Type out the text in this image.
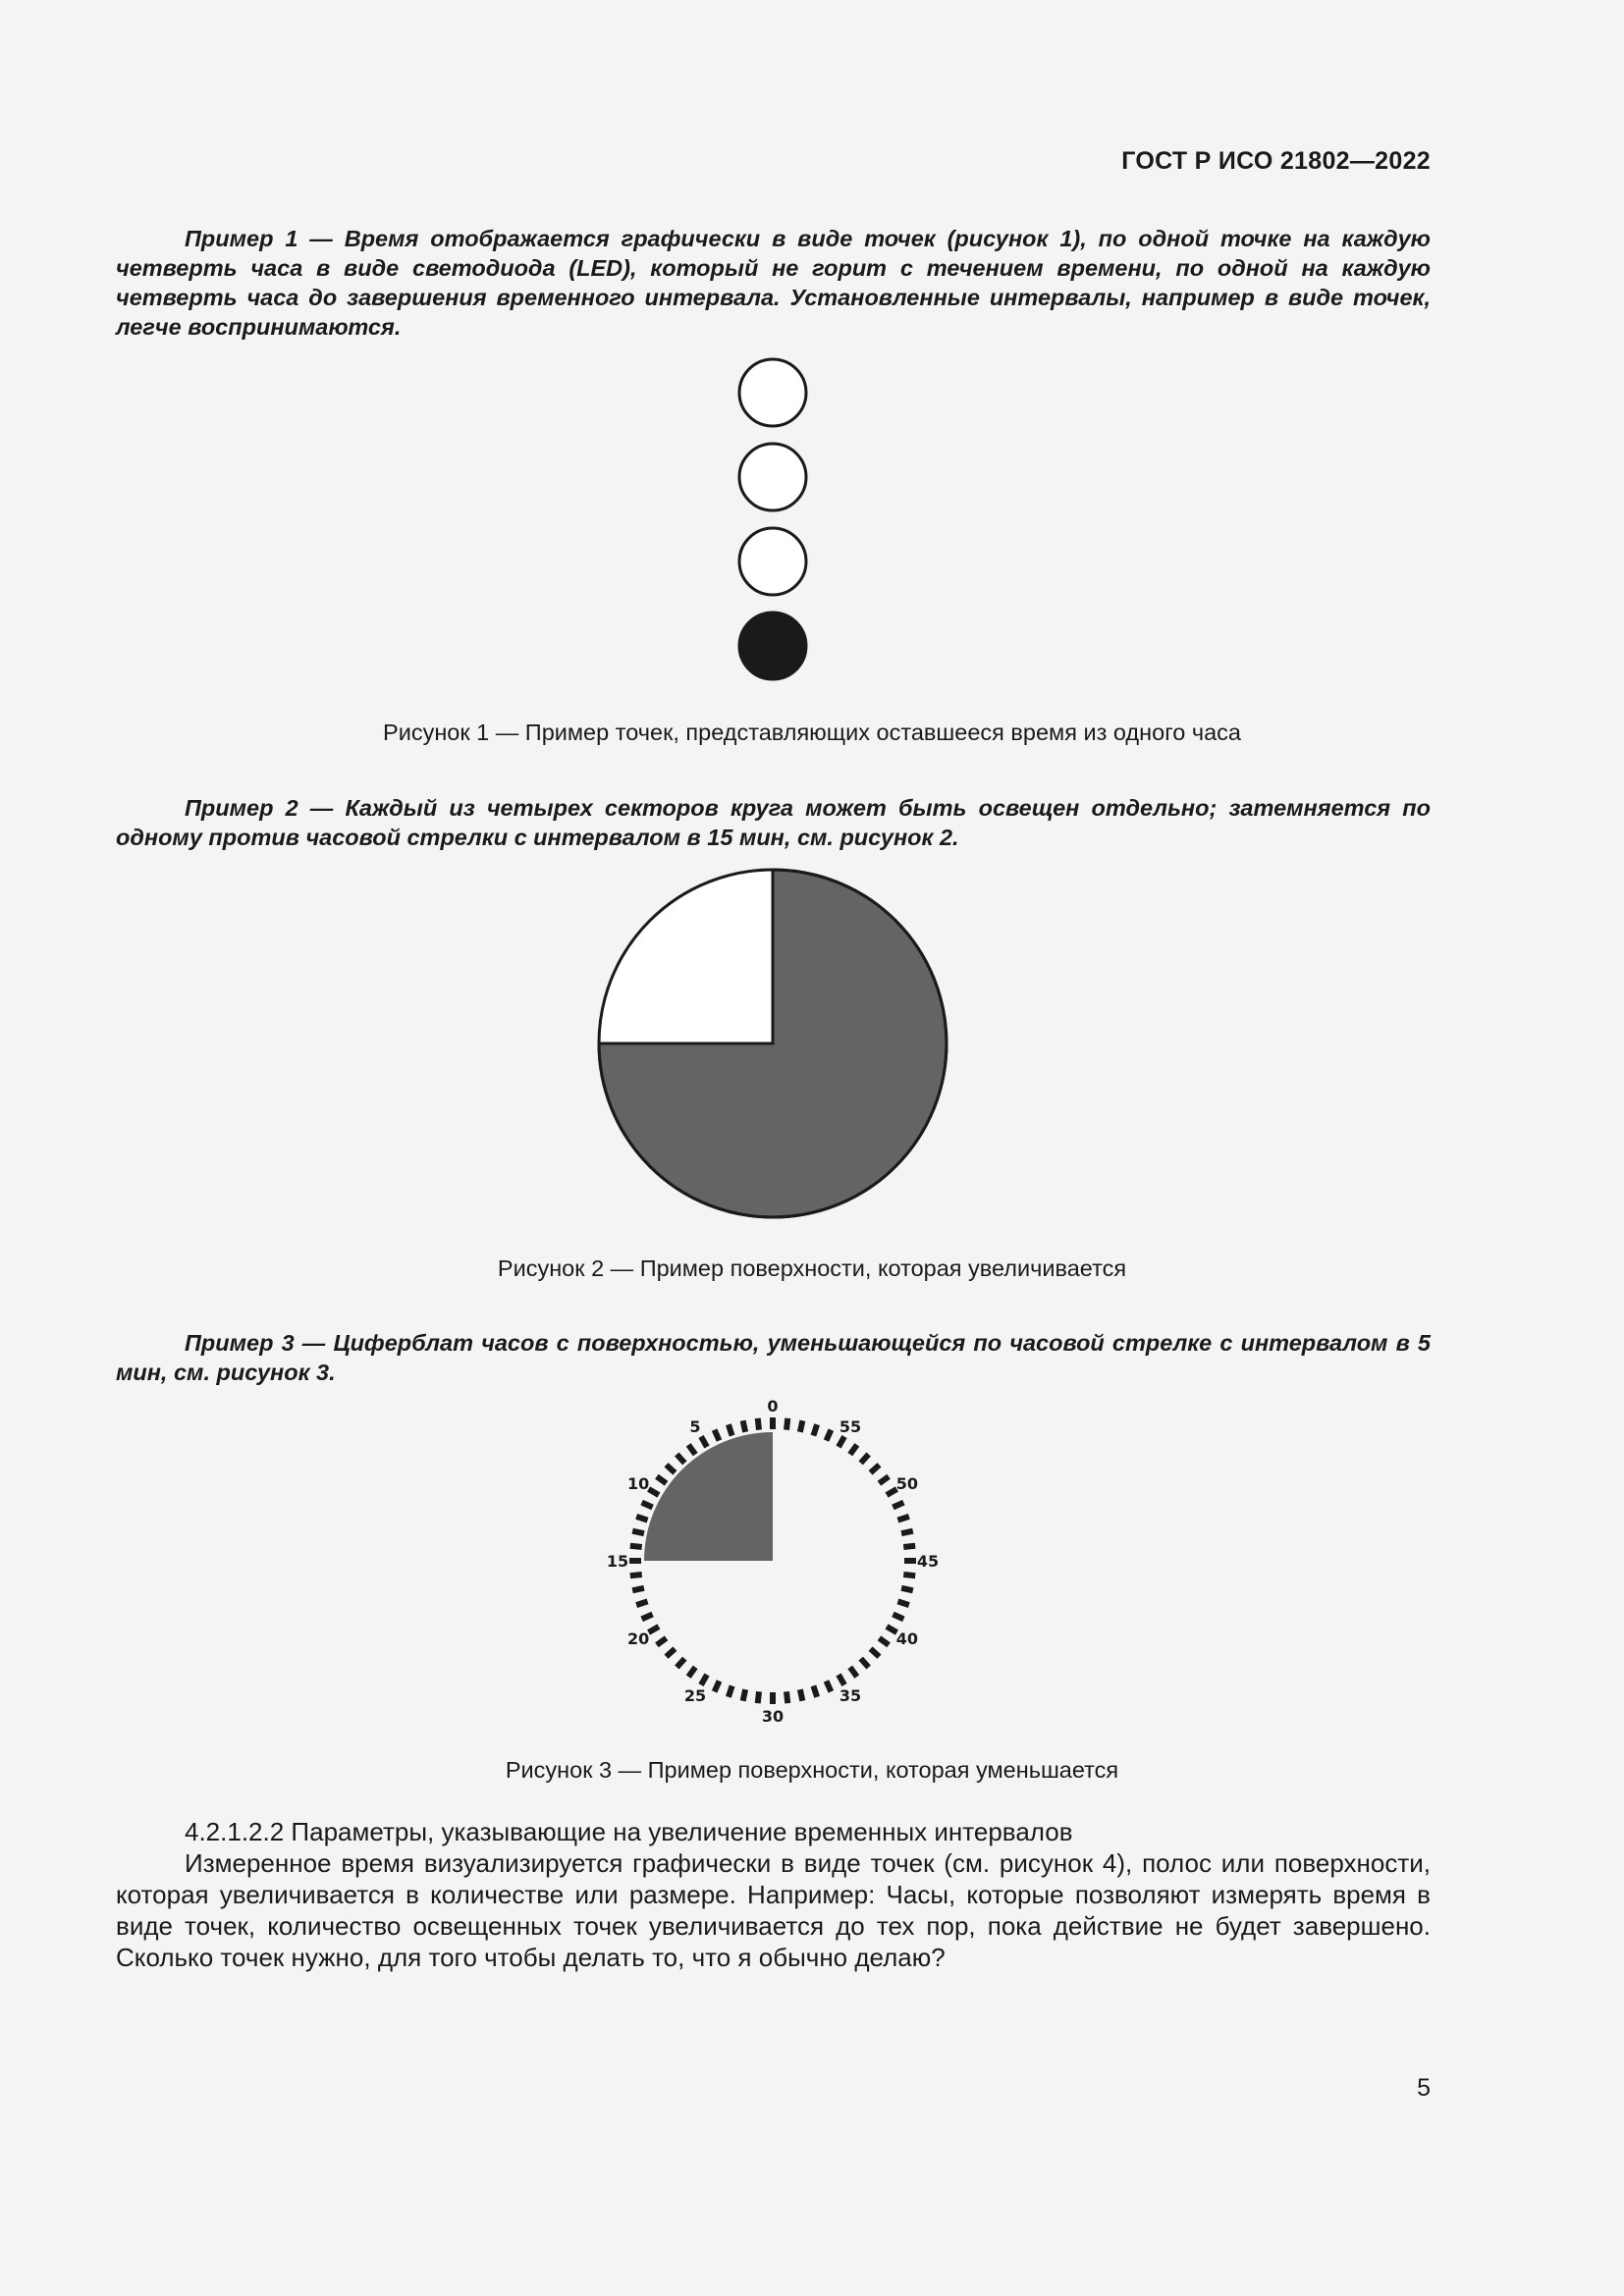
ГОСТ Р ИСО 21802—2022

Пример 1 — Время отображается графически в виде точек (рисунок 1), по одной точке на каждую четверть часа в виде светодиода (LED), который не горит с течением времени, по одной на каждую четверть часа до завершения временного интервала. Установленные интервалы, например в виде точек, легче воспринимаются.

Рисунок 1 — Пример точек, представляющих оставшееся время из одного часа

Пример 2 — Каждый из четырех секторов круга может быть освещен отдельно; затемняется по одному против часовой стрелки с интервалом в 15 мин, см. рисунок 2.

Рисунок 2 — Пример поверхности, которая увеличивается

Пример 3 — Циферблат часов с поверхностью, уменьшающейся по часовой стрелке с интервалом в 5 мин, см. рисунок 3.

0
55
50
45
40
35
30
25
20
15
10
5
Рисунок 3 — Пример поверхности, которая уменьшается

4.2.1.2.2 Параметры, указывающие на увеличение временных интервалов

Измеренное время визуализируется графически в виде точек (см. рисунок 4), полос или поверхности, которая увеличивается в количестве или размере. Например: Часы, которые позволяют измерять время в виде точек, количество освещенных точек увеличивается до тех пор, пока действие не будет завершено. Сколько точек нужно, для того чтобы делать то, что я обычно делаю?

5
